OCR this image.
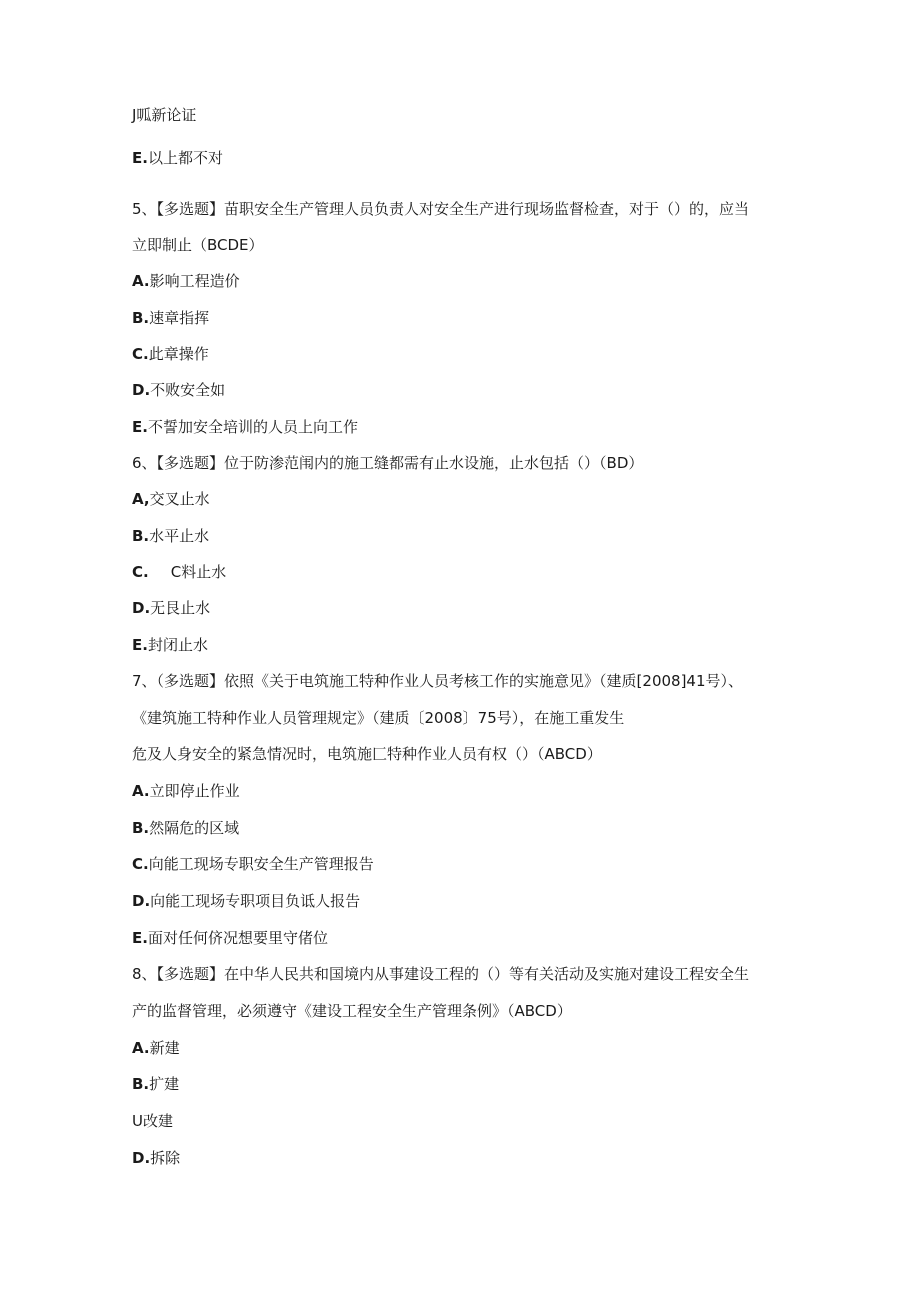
J呱新论证
E.以上都不对
5、【多选题】苗职安全生产管理人员负责人对安全生产进行现场监督检查，对于（）的，应当
立即制止（BCDE）
A.影响工程造价
B.速章指挥
C.此章操作
D.不败安全如
E.不誓加安全培训的人员上向工作
6、【多选题】位于防渗范闱内的施工缝都需有止水设施，止水包括（）（BD）
A,交叉止水
B.水平止水
C. C料止水
D.无艮止水
E.封闭止水
7、（多选题】依照《关于电筑施工特种作业人员考核工作的实施意见》（建质[2008]41号）、
《建筑施工特种作业人员管理规定》（建质〔2008〕75号），在施工重发生
危及人身安全的紧急情况时，电筑施匚特种作业人员有权（）（ABCD）
A.立即停止作业
B.然隔危的区域
C.向能工现场专职安全生产管理报告
D.向能工现场专职项目负诋人报告
E.面对任何侪况想要里守偖位
8、【多选题】在中华人民共和国境内从事建设工程的（）等有关活动及实施对建设工程安全生
产的监督管理，必须遵守《建设工程安全生产管理条例》（ABCD）
A.新建
B.扩建
U改建
D.拆除
